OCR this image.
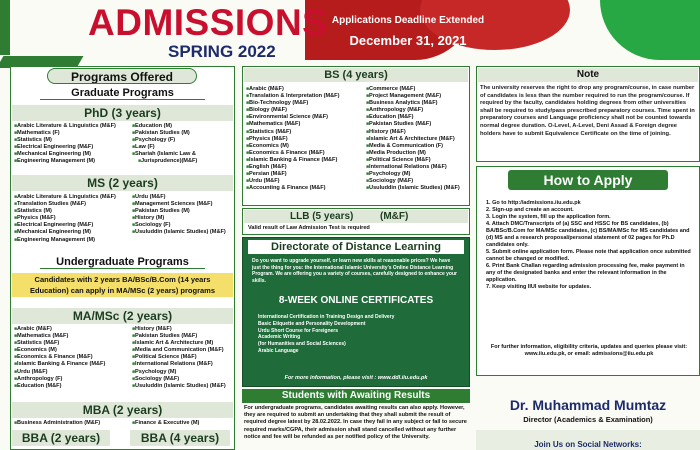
ADMISSIONS
SPRING 2022
Applications Deadline Extended
December 31, 2021
Programs Offered
Graduate Programs
PhD (3 years)
■ Arabic Literature & Linguistics (M&F)
■ Mathematics (F)
■ Statistics (M)
■ Electrical Engineering (M&F)
■ Mechanical Engineering (M)
■ Engineering Management (M)
■ Education (M)
■ Pakistan Studies (M)
■ Psychology (F)
■ Law (F)
■ Shariah (Islamic Law &
■ Jurisprudence)(M&F)
MS (2 years)
■ Arabic Literature & Linguistics (M&F)
■ Translation Studies (M&F)
■ Statistics (M)
■ Physics (M&F)
■ Electrical Engineering (M&F)
■ Mechanical Engineering (M)
■ Engineering Management (M)
■ Urdu (M&F)
■ Management Sciences (M&F)
■ Pakistan Studies (M)
■ History (M)
■ Sociology (F)
■ Usuluddin (Islamic Studies) (M&F)
Undergraduate Programs
Candidates with 2 years BA/BSc/B.Com (14 years Education) can apply in MA/MSc (2 years) programs
MA/MSc (2 years)
■ Arabic (M&F)
■ Mathematics (M&F)
■ Statistics (M&F)
■ Economics (M)
■ Economics & Finance (M&F)
■ Islamic Banking & Finance (M&F)
■ Urdu (M&F)
■ Anthropology (F)
■ Education (M&F)
■ History (M&F)
■ Pakistan Studies (M&F)
■ Islamic Art & Architecture (M)
■ Media and Communication (M&F)
■ Political Science (M&F)
■ International Relations (M&F)
■ Psychology (M)
■ Sociology (M&F)
■ Usuluddin (Islamic Studies) (M&F)
MBA (2 years)
■ Business Administration (M&F)
■	Finance & Executive (M)
BBA (2 years)	BBA (4 years)
BS (4 years)
■ Arabic (M&F)
■ Translation & Interpretation (M&F)
■ Bio-Technology (M&F)
■ Biology (M&F)
■ Environmental Science (M&F)
■ Mathematics (M&F)
■ Statistics (M&F)
■ Physics (M&F)
■ Economics (M)
■ Economics & Finance (M&F)
■ Islamic Banking & Finance (M&F)
■ English (M&F)
■ Persian (M&F)
■ Urdu (M&F)
■ Accounting & Finance (M&F)
■ Commerce (M&F)
■ Project Management (M&F)
■ Business Analytics (M&F)
■ Anthropology (M&F)
■ Education (M&F)
■ Pakistan Studies (M&F)
■ History (M&F)
■ Islamic Art & Architecture (M&F)
■ Media & Communication (F)
■ Media Production (M)
■ Political Science (M&F)
■ International Relations (M&F)
■ Psychology (M)
■ Sociology (M&F)
■ Usuluddin (Islamic Studies) (M&F)
LLB (5 years)	(M&F)
Valid result of Law Admission Test is required
Directorate of Distance Learning
Do you want to upgrade yourself, or learn new skills at reasonable prices? We have just the thing for you: the International Islamic University's Online Distance Learning Program. We are offering you a variety of courses, carefully designed to enhance your skills.
8-WEEK ONLINE CERTIFICATES
International Certification in Training Design and Delivery
Basic Etiquette and Personality Development
Urdu Short Course for Foreigners
Academic Writing
(for Humanities and Social Sciences)
Arabic Language
For more information, please visit : www.ddl.iiu.edu.pk
Students with Awaiting Results
For undergraduate programs, candidates awaiting results can also apply. However, they are required to submit an undertaking that they shall submit the result of required degree latest by 28.02.2022. In case they fail in any subject or fail to secure required marks/CGPA, their admission shall stand cancelled without any further notice and fee will be refunded as per notified policy of the University.
Note
The university reserves the right to drop any program/course, in case number of candidates is less than the number required to run the program/course. If required by the faculty, candidates holding degrees from other universities shall be required to study/pass prescribed preparatory courses. Time spent in preparatory courses and Language proficiency shall not be counted towards normal degree duration. O-Level, A-Level, Deni Assad & Foreign degree holders have to submit Equivalence Certificate on the time of joining.
How to Apply
1. Go to http://admissions.iiu.edu.pk
2. Sign-up and create an account.
3. Login the system, fill up the application form.
4. Attach DMC/Transcripts of (a) SSC and HSSC for BS candidates, (b) BA/BSc/B.Com for MA/MSc candidates, (c) BS/MA/MSc for MS candidates and (d) MS and a research proposal/personal statement of 02 pages for Ph.D candidates only.
5. Submit online application form. Please note that application once submitted cannot be changed or modified.
6. Print Bank Challan regarding admission processing fee, make payment in any of the designated banks and enter the relevant information in the application.
7. Keep visiting IIUI website for updates.
For further information, eligibility criteria, updates and queries please visit: www.iiu.edu.pk, or email: admissions@iiu.edu.pk
Dr. Muhammad Mumtaz
Director (Academics & Examination)
Join Us on Social Networks:
